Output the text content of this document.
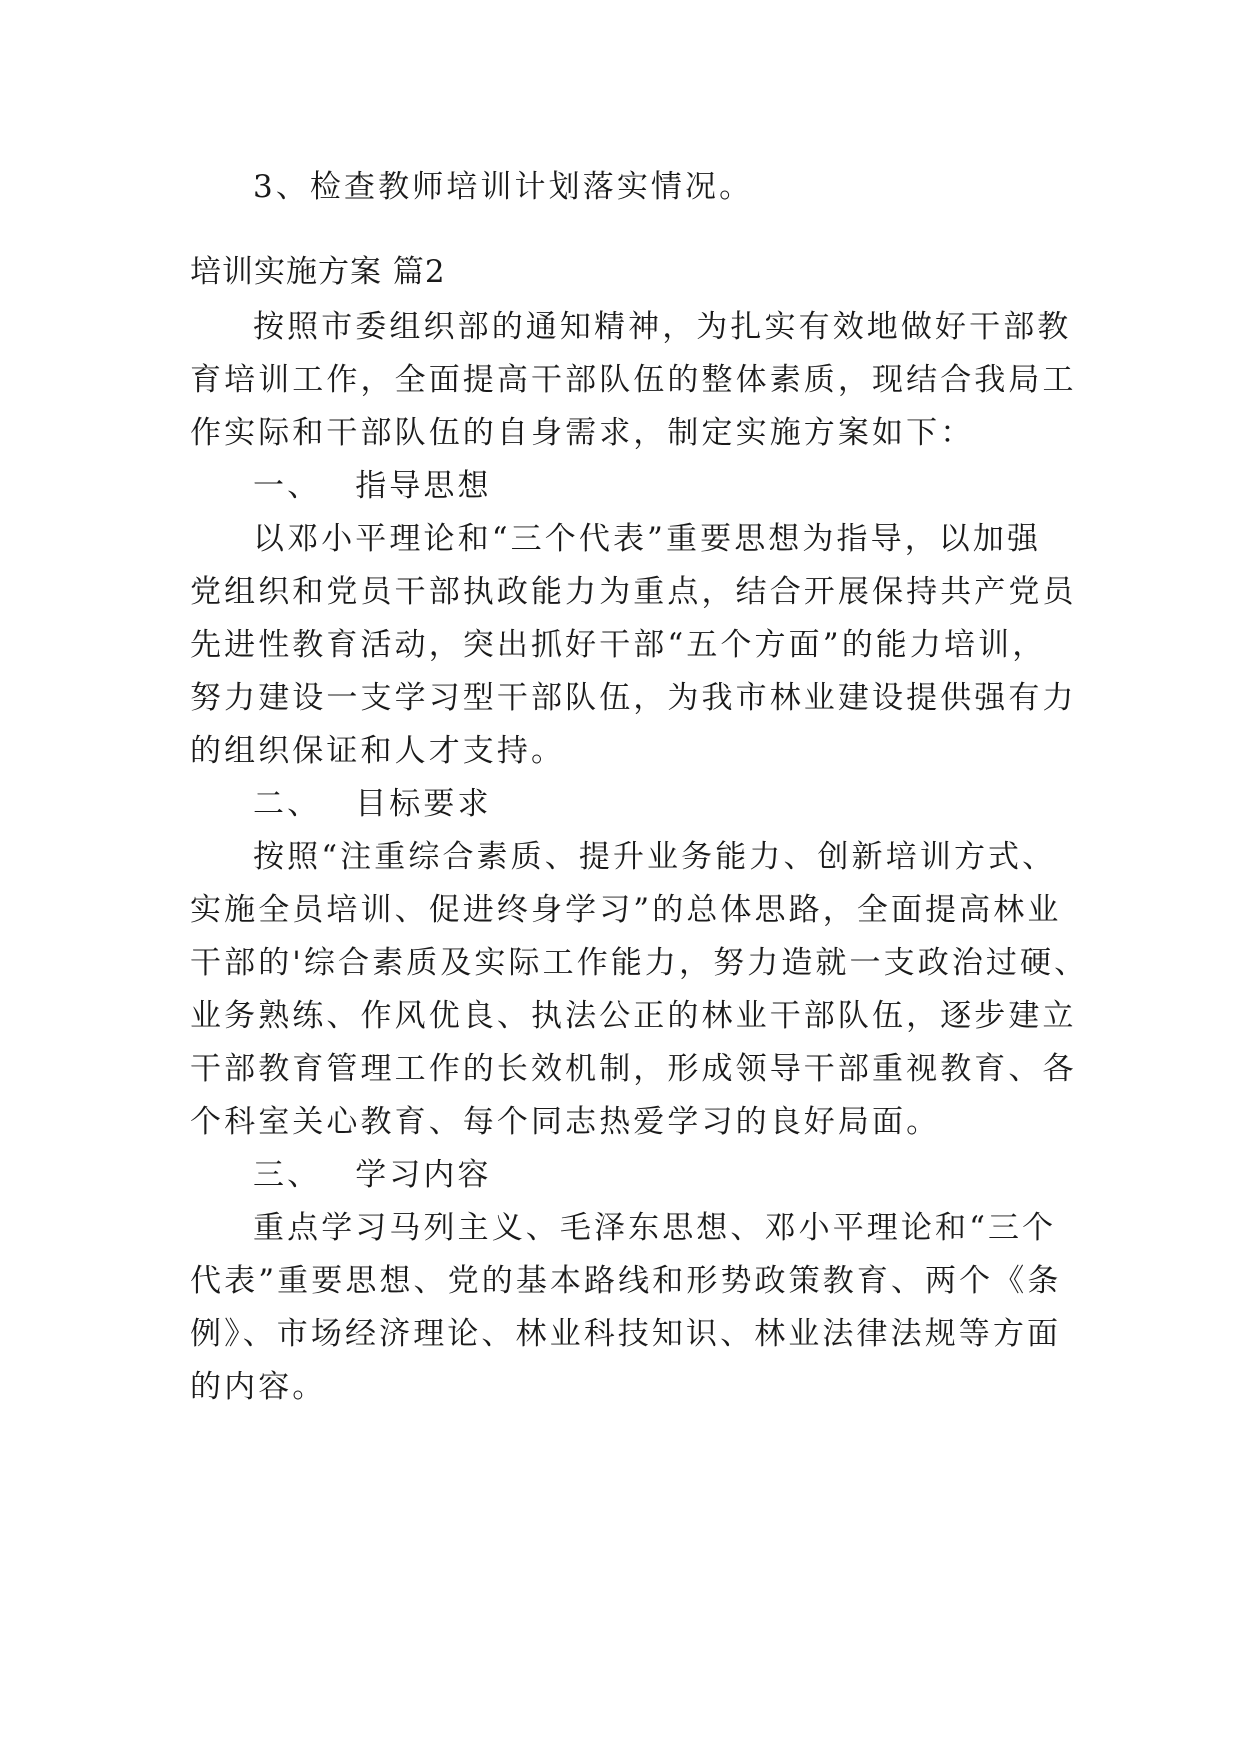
3、检查教师培训计划落实情况。
培训实施方案 篇2
按照市委组织部的通知精神，为扎实有效地做好干部教
育培训工作，全面提高干部队伍的整体素质，现结合我局工
作实际和干部队伍的自身需求，制定实施方案如下：
一、 指导思想
以邓小平理论和“三个代表”重要思想为指导，以加强
党组织和党员干部执政能力为重点，结合开展保持共产党员
先进性教育活动，突出抓好干部“五个方面”的能力培训，
努力建设一支学习型干部队伍，为我市林业建设提供强有力
的组织保证和人才支持。
二、 目标要求
按照“注重综合素质、提升业务能力、创新培训方式、
实施全员培训、促进终身学习”的总体思路，全面提高林业
干部的'综合素质及实际工作能力，努力造就一支政治过硬、
业务熟练、作风优良、执法公正的林业干部队伍，逐步建立
干部教育管理工作的长效机制，形成领导干部重视教育、各
个科室关心教育、每个同志热爱学习的良好局面。
三、 学习内容
重点学习马列主义、毛泽东思想、邓小平理论和“三个
代表”重要思想、党的基本路线和形势政策教育、两个《条
例》、市场经济理论、林业科技知识、林业法律法规等方面
的内容。
